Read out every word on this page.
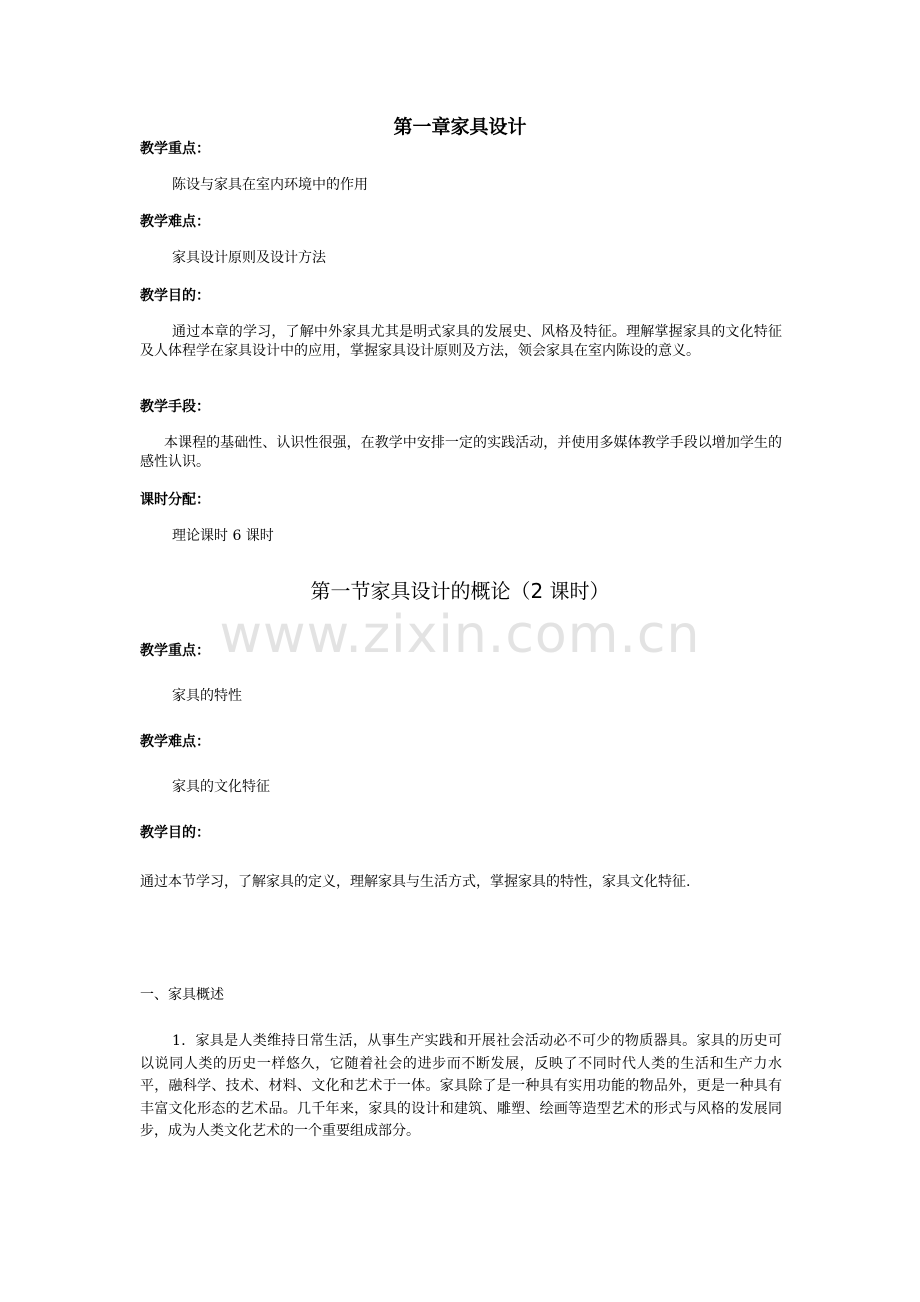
第一章家具设计

教学重点：

陈设与家具在室内环境中的作用

教学难点：

家具设计原则及设计方法

教学目的：

通过本章的学习，了解中外家具尤其是明式家具的发展史、风格及特征。理解掌握家具的文化特征及人体程学在家具设计中的应用，掌握家具设计原则及方法，领会家具在室内陈设的意义。

教学手段：

本课程的基础性、认识性很强，在教学中安排一定的实践活动，并使用多媒体教学手段以增加学生的感性认识。

课时分配：

理论课时 6 课时

www.zixin.com.cn

第一节家具设计的概论（2 课时）

教学重点：

家具的特性

教学难点：

家具的文化特征

教学目的：

通过本节学习，了解家具的定义，理解家具与生活方式，掌握家具的特性，家具文化特征.

一、家具概述

1．家具是人类维持日常生活，从事生产实践和开展社会活动必不可少的物质器具。家具的历史可以说同人类的历史一样悠久，它随着社会的进步而不断发展，反映了不同时代人类的生活和生产力水平，融科学、技术、材料、文化和艺术于一体。家具除了是一种具有实用功能的物品外，更是一种具有丰富文化形态的艺术品。几千年来，家具的设计和建筑、雕塑、绘画等造型艺术的形式与风格的发展同步，成为人类文化艺术的一个重要组成部分。
